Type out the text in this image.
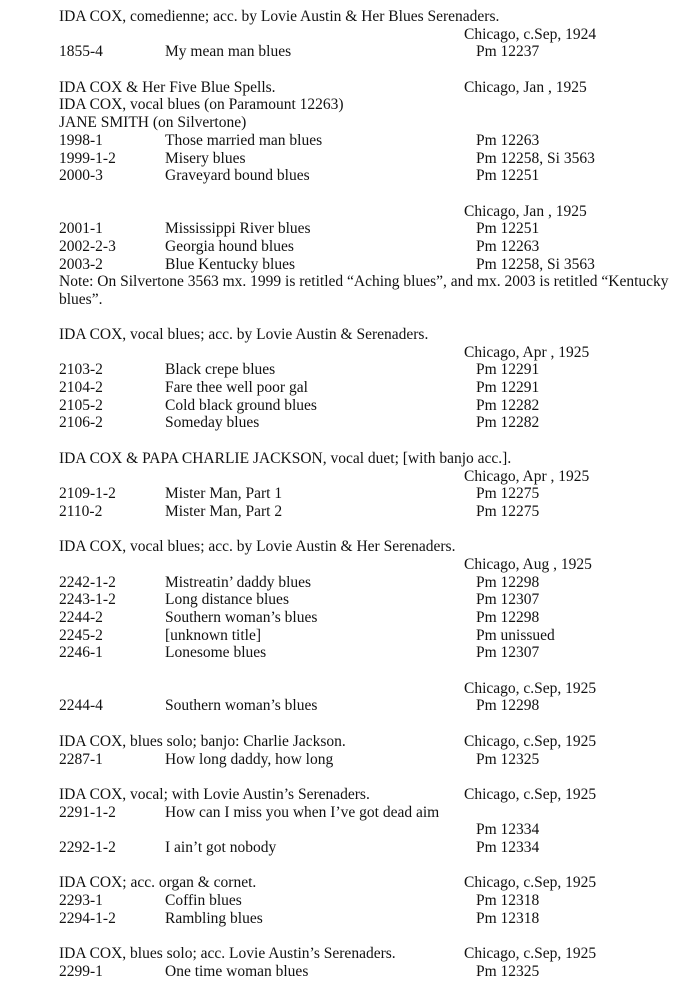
IDA COX, comedienne; acc. by Lovie Austin & Her Blues Serenaders.
Chicago, c.Sep, 1924
1855-4	My mean man blues	Pm 12237
IDA COX & Her Five Blue Spells.	Chicago, Jan , 1925
IDA COX, vocal blues (on Paramount 12263)
JANE SMITH (on Silvertone)
1998-1	Those married man blues	Pm 12263
1999-1-2	Misery blues	Pm 12258, Si 3563
2000-3	Graveyard bound blues	Pm 12251
Chicago, Jan , 1925
2001-1	Mississippi River blues	Pm 12251
2002-2-3	Georgia hound blues	Pm 12263
2003-2	Blue Kentucky blues	Pm 12258, Si 3563
Note: On Silvertone 3563 mx. 1999 is retitled “Aching blues”, and mx. 2003 is retitled “Kentucky blues”.
IDA COX, vocal blues; acc. by Lovie Austin & Serenaders.
Chicago, Apr , 1925
2103-2	Black crepe blues	Pm 12291
2104-2	Fare thee well poor gal	Pm 12291
2105-2	Cold black ground blues	Pm 12282
2106-2	Someday blues	Pm 12282
IDA COX & PAPA CHARLIE JACKSON, vocal duet; [with banjo acc.].
Chicago, Apr , 1925
2109-1-2	Mister Man, Part 1	Pm 12275
2110-2	Mister Man, Part 2	Pm 12275
IDA COX, vocal blues; acc. by Lovie Austin & Her Serenaders.
Chicago, Aug , 1925
2242-1-2	Mistreatin’ daddy blues	Pm 12298
2243-1-2	Long distance blues	Pm 12307
2244-2	Southern woman’s blues	Pm 12298
2245-2	[unknown title]	Pm unissued
2246-1	Lonesome blues	Pm 12307
Chicago, c.Sep, 1925
2244-4	Southern woman’s blues	Pm 12298
IDA COX, blues solo; banjo: Charlie Jackson.	Chicago, c.Sep, 1925
2287-1	How long daddy, how long	Pm 12325
IDA COX, vocal; with Lovie Austin’s Serenaders.	Chicago, c.Sep, 1925
2291-1-2	How can I miss you when I’ve got dead aim
Pm 12334
2292-1-2	I ain’t got nobody	Pm 12334
IDA COX; acc. organ & cornet.	Chicago, c.Sep, 1925
2293-1	Coffin blues	Pm 12318
2294-1-2	Rambling blues	Pm 12318
IDA COX, blues solo; acc. Lovie Austin’s Serenaders.	Chicago, c.Sep, 1925
2299-1	One time woman blues	Pm 12325
